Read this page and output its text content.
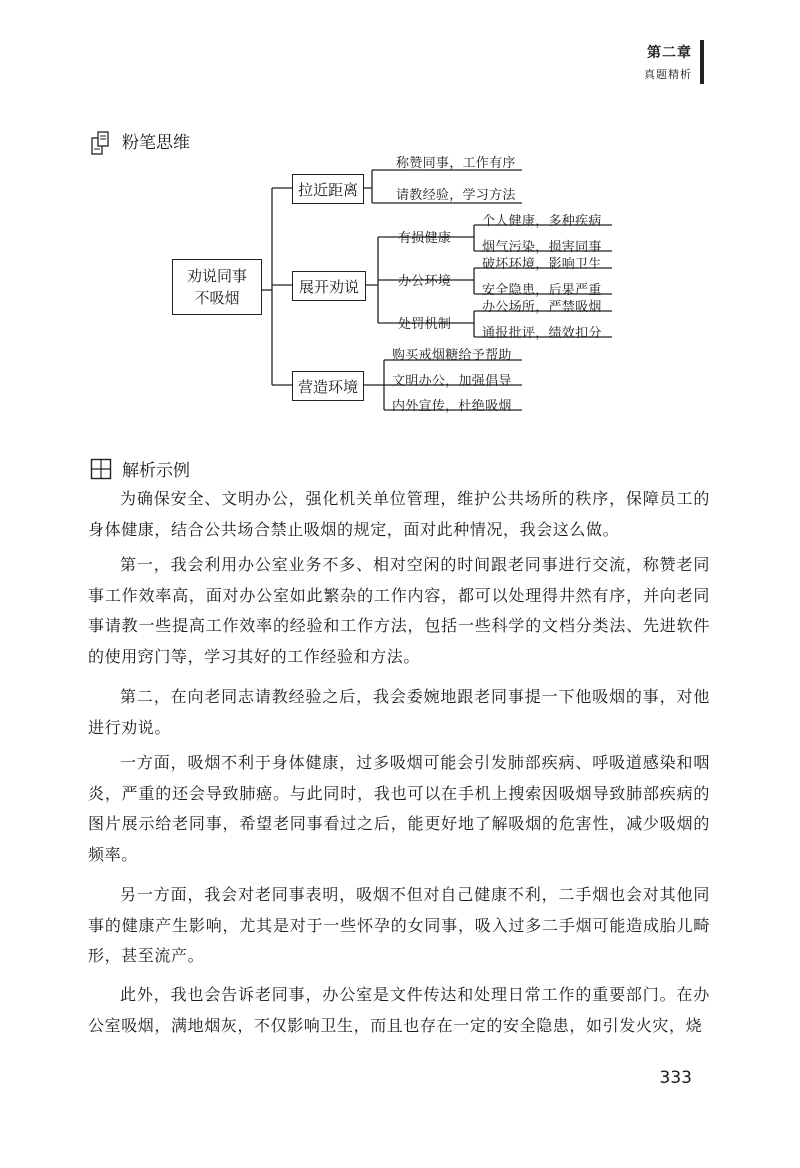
第二章
真题精析
粉笔思维
劝说同事
不吸烟
拉近距离
展开劝说
营造环境
称赞同事，工作有序
请教经验，学习方法
有损健康
办公环境
处罚机制
个人健康，多种疾病
烟气污染，损害同事
破坏环境，影响卫生
安全隐患，后果严重
办公场所，严禁吸烟
通报批评，绩效扣分
购买戒烟糖给予帮助
文明办公，加强倡导
内外宣传，杜绝吸烟
解析示例

为确保安全、文明办公，强化机关单位管理，维护公共场所的秩序，保障员工的身体健康，结合公共场合禁止吸烟的规定，面对此种情况，我会这么做。

第一，我会利用办公室业务不多、相对空闲的时间跟老同事进行交流，称赞老同事工作效率高，面对办公室如此繁杂的工作内容，都可以处理得井然有序，并向老同事请教一些提高工作效率的经验和工作方法，包括一些科学的文档分类法、先进软件的使用窍门等，学习其好的工作经验和方法。

第二，在向老同志请教经验之后，我会委婉地跟老同事提一下他吸烟的事，对他进行劝说。

一方面，吸烟不利于身体健康，过多吸烟可能会引发肺部疾病、呼吸道感染和咽炎，严重的还会导致肺癌。与此同时，我也可以在手机上搜索因吸烟导致肺部疾病的图片展示给老同事，希望老同事看过之后，能更好地了解吸烟的危害性，减少吸烟的频率。

另一方面，我会对老同事表明，吸烟不但对自己健康不利，二手烟也会对其他同事的健康产生影响，尤其是对于一些怀孕的女同事，吸入过多二手烟可能造成胎儿畸形，甚至流产。

此外，我也会告诉老同事，办公室是文件传达和处理日常工作的重要部门。在办公室吸烟，满地烟灰，不仅影响卫生，而且也存在一定的安全隐患，如引发火灾，烧

333
